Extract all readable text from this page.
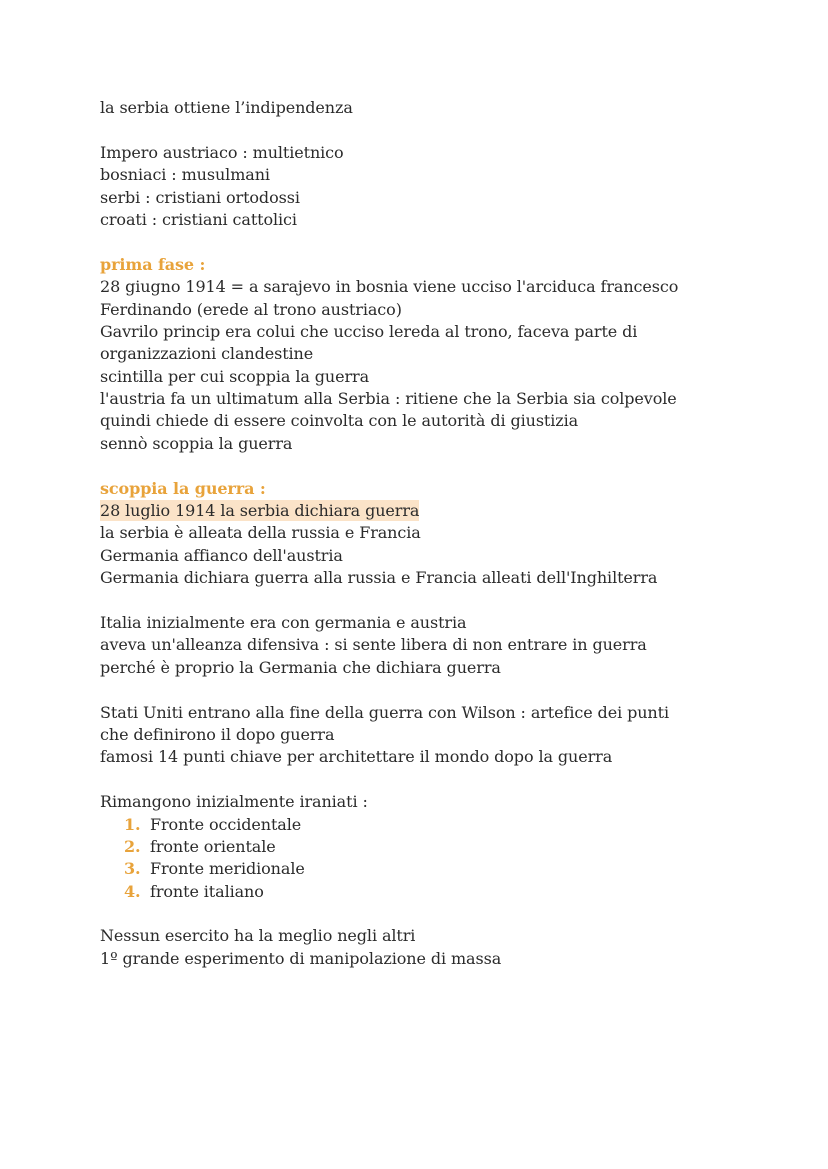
la serbia ottiene l’indipendenza
Impero austriaco : multietnico
bosniaci : musulmani
serbi : cristiani ortodossi
croati : cristiani cattolici
prima fase :
28 giugno 1914 = a sarajevo in bosnia viene ucciso l'arciduca francesco
Ferdinando (erede al trono austriaco)
Gavrilo princip era colui che ucciso lereda al trono, faceva parte di
organizzazioni clandestine
scintilla per cui scoppia la guerra
l'austria fa un ultimatum alla Serbia : ritiene che la Serbia sia colpevole
quindi chiede di essere coinvolta con le autorità di giustizia
sennò scoppia la guerra
scoppia la guerra :
28 luglio 1914 la serbia dichiara guerra
la serbia è alleata della russia e Francia
Germania affianco dell'austria
Germania dichiara guerra alla russia e Francia alleati dell'Inghilterra
Italia inizialmente era con germania e austria
aveva un'alleanza difensiva : si sente libera di non entrare in guerra
perché è proprio la Germania che dichiara guerra
Stati Uniti entrano alla fine della guerra con Wilson : artefice dei punti
che definirono il dopo guerra
famosi 14 punti chiave per architettare il mondo dopo la guerra
Rimangono inizialmente iraniati :
1. Fronte occidentale
2. fronte orientale
3. Fronte meridionale
4. fronte italiano
Nessun esercito ha la meglio negli altri
1º grande esperimento di manipolazione di massa
